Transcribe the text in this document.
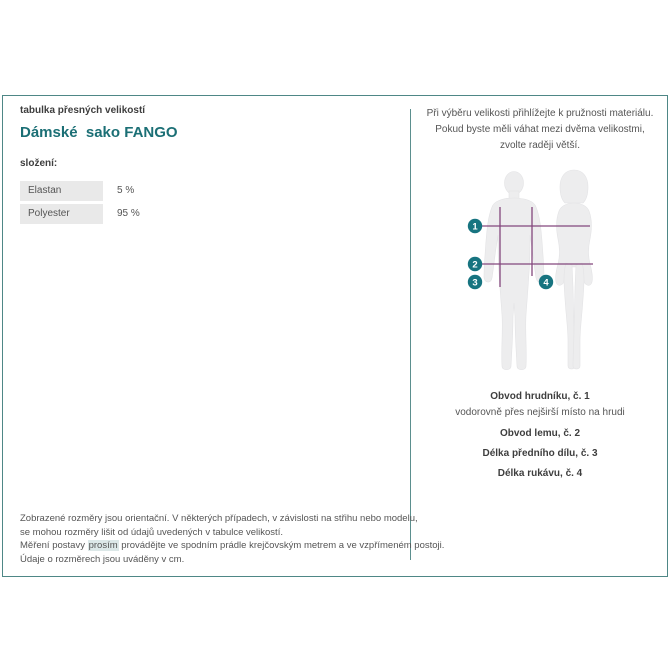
tabulka přesných velikostí
Dámské  sako FANGO
složení:
Elastan	5 %
Polyester	95 %
Zobrazené rozměry jsou orientační. V některých případech, v závislosti na střihu nebo modelu,
se mohou rozměry lišit od údajů uvedených v tabulce velikostí.
Měření postavy prosím provádějte ve spodním prádle krejčovským metrem a ve vzpřímeném postoji.
Údaje o rozměrech jsou uváděny v cm.
Při výběru velikosti přihlížejte k pružnosti materiálu.
Pokud byste měli váhat mezi dvěma velikostmi,
zvolte raději větší.
1
2
3	4
Obvod hrudníku, č. 1
vodorovně přes nejširší místo na hrudi
Obvod lemu, č. 2
Délka předního dílu, č. 3
Délka rukávu, č. 4
